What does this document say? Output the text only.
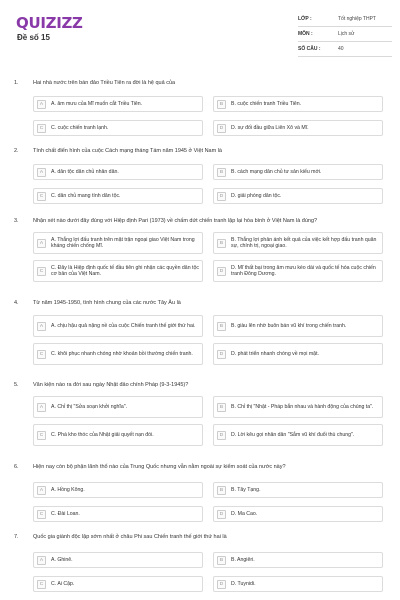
QUIZIZZ
Đề số 15
LỚP :	Tốt nghiệp THPT
MÔN :	Lịch sử
SỐ CÂU :	40
1.	Hai nhà nước trên bán đảo Triều Tiên ra đời là hệ quả của
A	A. âm mưu của Mĩ muốn cắt Triều Tiên.	B	B. cuộc chiến tranh Triều Tiên.
C	C. cuộc chiến tranh lạnh.	D	D. sự đối đầu giữa Liên Xô và Mĩ.
2.	Tính chất điển hình của cuộc Cách mạng tháng Tám năm 1945 ở Việt Nam là
A	A. dân tộc dân chủ nhân dân.	B	B. cách mạng dân chủ tư sản kiểu mới.
C	C. dân chủ mang tính dân tộc.	D	D. giải phóng dân tộc.
3.	Nhận xét nào dưới đây đúng với Hiệp định Pari (1973) về chấm dứt chiến tranh lập lại hòa bình ở Việt Nam là đúng?
A
A. Thắng lợi đấu tranh trên mặt trận ngoại giao Việt Nam trong kháng chiến chống Mĩ.	B
B. Thắng lợi phản ánh kết quả của việc kết hợp đấu tranh quân sự, chính trị, ngoại giao.
C
C. Đây là Hiệp định quốc tế đầu tiên ghi nhận các quyền dân tộc cơ bản của Việt Nam.	D
D. Mĩ thất bại trong âm mưu kéo dài và quốc tế hóa cuộc chiến tranh Đông Dương.
4.	Từ năm 1945-1950, tình hình chung của các nước Tây Âu là
A	A. chịu hậu quả nặng nề của cuộc Chiến tranh thế giới thứ hai.	B	B. giàu lên nhờ buôn bán vũ khí trong chiến tranh.
C	C. khôi phục nhanh chóng nhờ khoản bồi thường chiến tranh.	D	D. phát triển nhanh chóng về mọi mặt.
5.	Văn kiện nào ra đời sau ngày Nhật đảo chính Pháp (9-3-1945)?
A	A. Chỉ thị "Sửa soạn khởi nghĩa".	B	B. Chỉ thị "Nhật - Pháp bắn nhau và hành động của chúng ta".
C	C. Phá kho thóc của Nhật giải quyết nạn đói.	D	D. Lời kêu gọi nhân dân "Sắm vũ khí đuổi thù chung".
6.	Hiện nay còn bộ phận lãnh thổ nào của Trung Quốc nhưng vẫn nằm ngoài sự kiểm soát của nước này?
A	A. Hồng Kông.	B	B. Tây Tạng.
C	C. Đài Loan.	D	D. Ma Cao.
7.	Quốc gia giành độc lập sớm nhất ở châu Phi sau Chiến tranh thế giới thứ hai là
A	A. Ghinê.	B	B. Angiêri.
C	C. Ai Cập.	D	D. Tuynidi.
